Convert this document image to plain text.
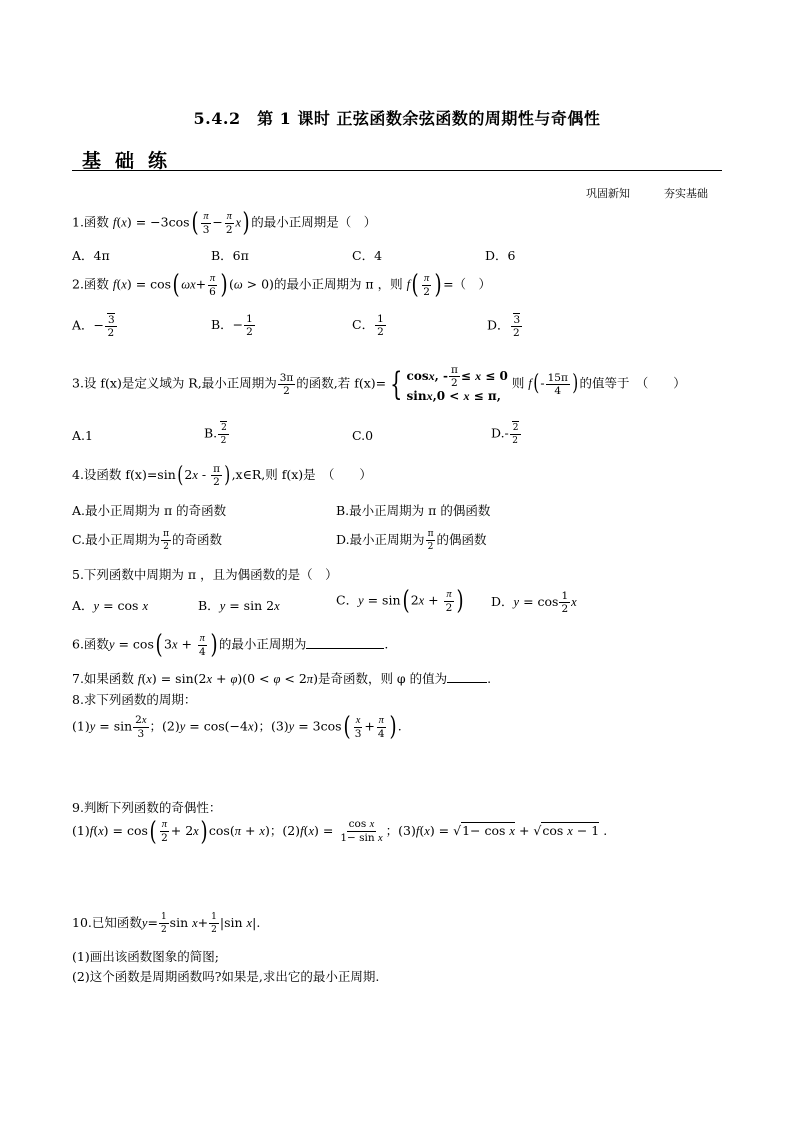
5.4.2　第 1 课时 正弦函数余弦函数的周期性与奇偶性
基础练
巩固新知	夯实基础
1.函数 $f(x) = -3\cos( \frac{\pi}{3} - \frac{\pi}{2} x)$ 的最小正周期是（　）
A．4π	B．6π	C．4	D．6
2.函数 f(x) = cos( $\omega x+ \frac{\pi}{6}$ ) (ω > 0)的最小正周期为 π ，则 $f( \frac{\pi}{2}$ ) =（　）
A．− $\frac{3}{2}$	B．− $\frac{1}{2}$	C． $\frac{1}{2}$	D． $\frac{3}{2}$
3.设 f(x)是定义域为 R,最小正周期为 $\frac{3\pi}{2}$ 的函数,若 f(x)= { cosx, - $\frac{\pi}{2} \le x \le 0$
sinx,0 < x ≤ π,
则 $f(- \frac{15\pi}{4}$ )的值等于　（　　）
A.1	B. $\frac{2}{2}$	C.0	$D.- \frac{2}{2}$
4.设函数 $f(x)=\sin(2x - \frac{\pi}{2}$ ),x∈R,则 f(x)是　（　　）
A.最小正周期为 π 的奇函数	B.最小正周期为 π 的偶函数
C.最小正周期为 $\frac{\pi}{2}$ 的奇函数	D.最小正周期为 $\frac{\pi}{2}$ 的偶函数
5.下列函数中周期为 π ，且为偶函数的是（　）
A．y = cos x	B．y = sin 2x	C．y = sin( $2x + \frac{\pi}{2}$ ) D．$y = \cos \frac{1}{2}$ x
6.函数y = cos( $3x + \frac{\pi}{4}$ ) 的最小正周期为	.
7.如果函数 f(x) = sin(2x + φ)(0 < φ < 2π)是奇函数，则 φ 的值为	.
8.求下列函数的周期：
$(1)y = \sin \frac{2x}{3}$ ；(2)y = cos(−4x)；$(3)y = 3\cos( \frac{x}{3} + \frac{\pi}{4}$ ) .
9.判断下列函数的奇偶性：
$(1)f(x) = \cos( \frac{\pi}{2} + 2x)$ cos(π + x)；$(2)f(x) = \frac{\text{cos x}}{\text{1− sin x}}$ ；(3)f(x) = √1− cos x + √cos x − 1 .
10.已知函数$y= \frac{1}{2}$ $\sin x+ \frac{1}{2} |\sin$ x|.
(1)画出该函数图象的简图;
(2)这个函数是周期函数吗?如果是,求出它的最小正周期.
